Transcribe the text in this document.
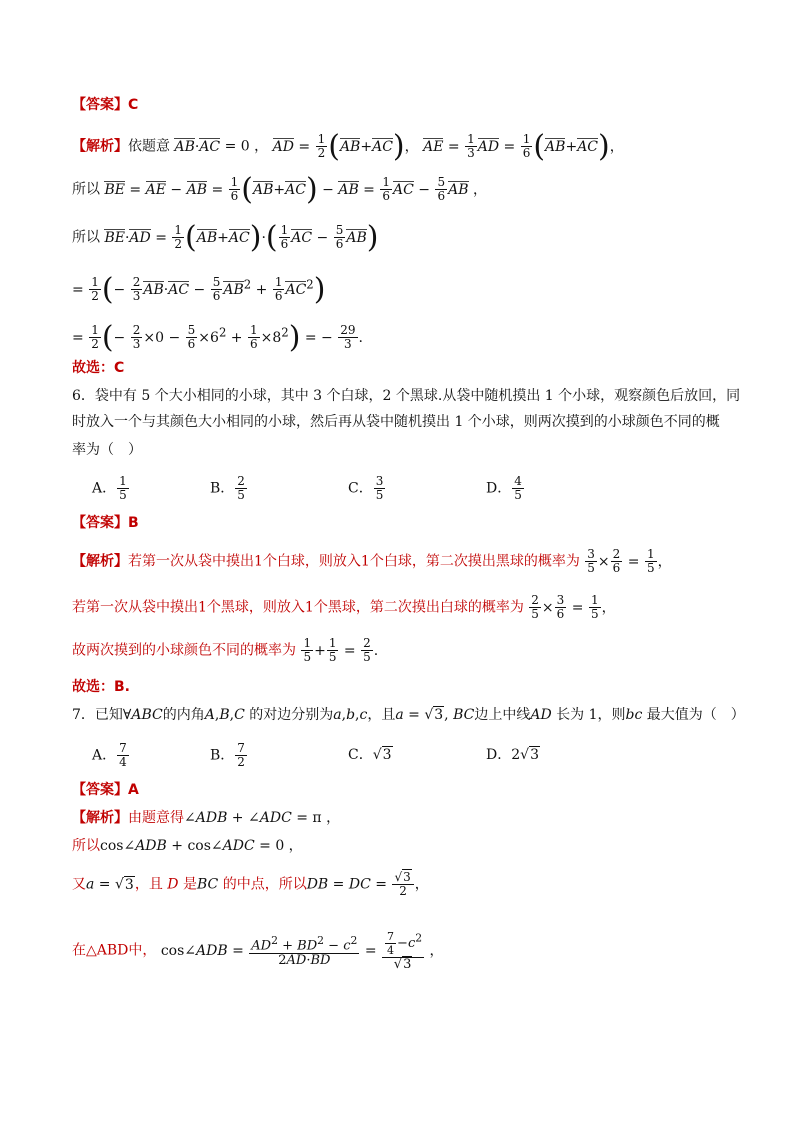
【答案】C
【解析】依题意 AB·AC = 0 ， AD = $\frac{1}{2} (AB+AC)$， AE = $\frac{1}{3}$ AD = $\frac{1}{6} (AB+AC)$，
所以 BE = AE − AB = $\frac{1}{6} (AB+AC)$ − AB = $\frac{1}{6}$ AC − $\frac{5}{6}$ AB ，
所以 $BE\cdot AD = \frac{1}{2} (AB+AC)\cdot( \frac{1}{6}$ AC − $\frac{5}{6} AB$)
= $\frac{1}{2}$ (− $\frac{2}{3} AB\cdot AC - \frac{5}{6} AB^2 + \frac{1}{6} AC^2$)
= $\frac{1}{2}$ (− $\frac{2}{3} \times 0 - \frac{5}{6} \times 6^2 + \frac{1}{6} \times 8^2$) = − $\frac{29}{3}$ .
故选：C
6．袋中有 5 个大小相同的小球，其中 3 个白球，2 个黑球.从袋中随机摸出 1 个小球，观察颜色后放回，同
时放入一个与其颜色大小相同的小球，然后再从袋中随机摸出 1 个小球，则两次摸到的小球颜色不同的概
率为（　）
A． $\frac{1}{5}$	B． $\frac{2}{5}$	C． $\frac{3}{5}$	D． $\frac{4}{5}$
【答案】B
【解析】若第一次从袋中摸出1个白球，则放入1个白球，第二次摸出黑球的概率为 $\frac{3}{5} \times \frac{2}{6} = \frac{1}{5}$ ，
若第一次从袋中摸出1个黑球，则放入1个黑球，第二次摸出白球的概率为 $\frac{2}{5} \times \frac{3}{6} = \frac{1}{5}$ ，
故两次摸到的小球颜色不同的概率为 $\frac{1}{5} + \frac{1}{5} = \frac{2}{5}$ .
故选：B.
7．已知∀ABC的内角A,B,C 的对边分别为a,b,c，且a = √3, BC边上中线AD 长为 1，则bc 最大值为（　）
A． $\frac{7}{4}$	B． $\frac{7}{2}$	C．√3	D．2√3
【答案】A
【解析】由题意得∠ADB + ∠ADC = π ，
所以cos∠ADB + cos∠ADC = 0 ，
又a = √3，且 D 是BC 的中点，所以DB = DC = $\frac{√3}{2}$ ，
在△ABD中， cos∠ADB = $\frac{AD^2 + BD^2 - c^2}{2AD\cdot BD} = \frac{\frac{7}{4} -c^2}{√3}$ ，
